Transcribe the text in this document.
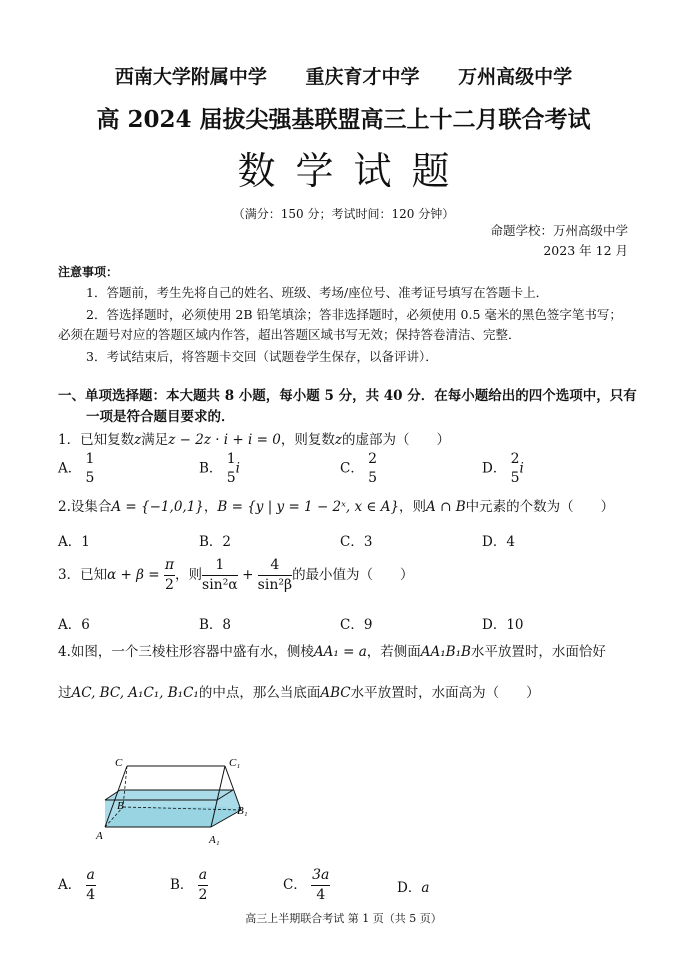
西南大学附属中学 重庆育才中学 万州高级中学
高 2024 届拔尖强基联盟高三上十二月联合考试
数学试题
（满分：150 分；考试时间：120 分钟）
命题学校：万州高级中学
2023 年 12 月
注意事项：
1．答题前，考生先将自己的姓名、班级、考场/座位号、准考证号填写在答题卡上．
2．答选择题时，必须使用 2B 铅笔填涂；答非选择题时，必须使用 0.5 毫米的黑色签字笔书写；
必须在题号对应的答题区域内作答，超出答题区域书写无效；保持答卷清洁、完整．
3．考试结束后，将答题卡交回（试题卷学生保存，以备评讲）．
一、单项选择题：本大题共 8 小题，每小题 5 分，共 40 分．在每小题给出的四个选项中，只有
一项是符合题目要求的．
1．已知复数z满足z − 2z · i + i = 0，则复数z的虚部为（　　）
A．
1
5
B．
1
5
i	C．
2
5
D．
2
5
i
2.设集合A = {−1,0,1}，B = {y | y = 1 − 2ˣ, x ∈ A}，则A ∩ B中元素的个数为（　　）
A．1	B．2	C．3	D．4
3．已知$\alpha + \beta = \frac{\pi}{2}$ ，则 $\frac{1}{\text{sin²α}} + \frac{4}{\text{sin²β}}$ 的最小值为（　　）
A．6	B．8	C．9	D．10
4.如图，一个三棱柱形容器中盛有水，侧棱AA₁ = a，若侧面AA₁B₁B水平放置时，水面恰好
过AC, BC, A₁C₁, B₁C₁的中点，那么当底面ABC水平放置时，水面高为（　　）
C	C₁
B	B₁
A	A₁
A． $\frac{a}{4}$	B． $\frac{a}{2}$	C． $\frac{3a}{4}$	D．a
高三上半期联合考试 第 1 页（共 5 页）
